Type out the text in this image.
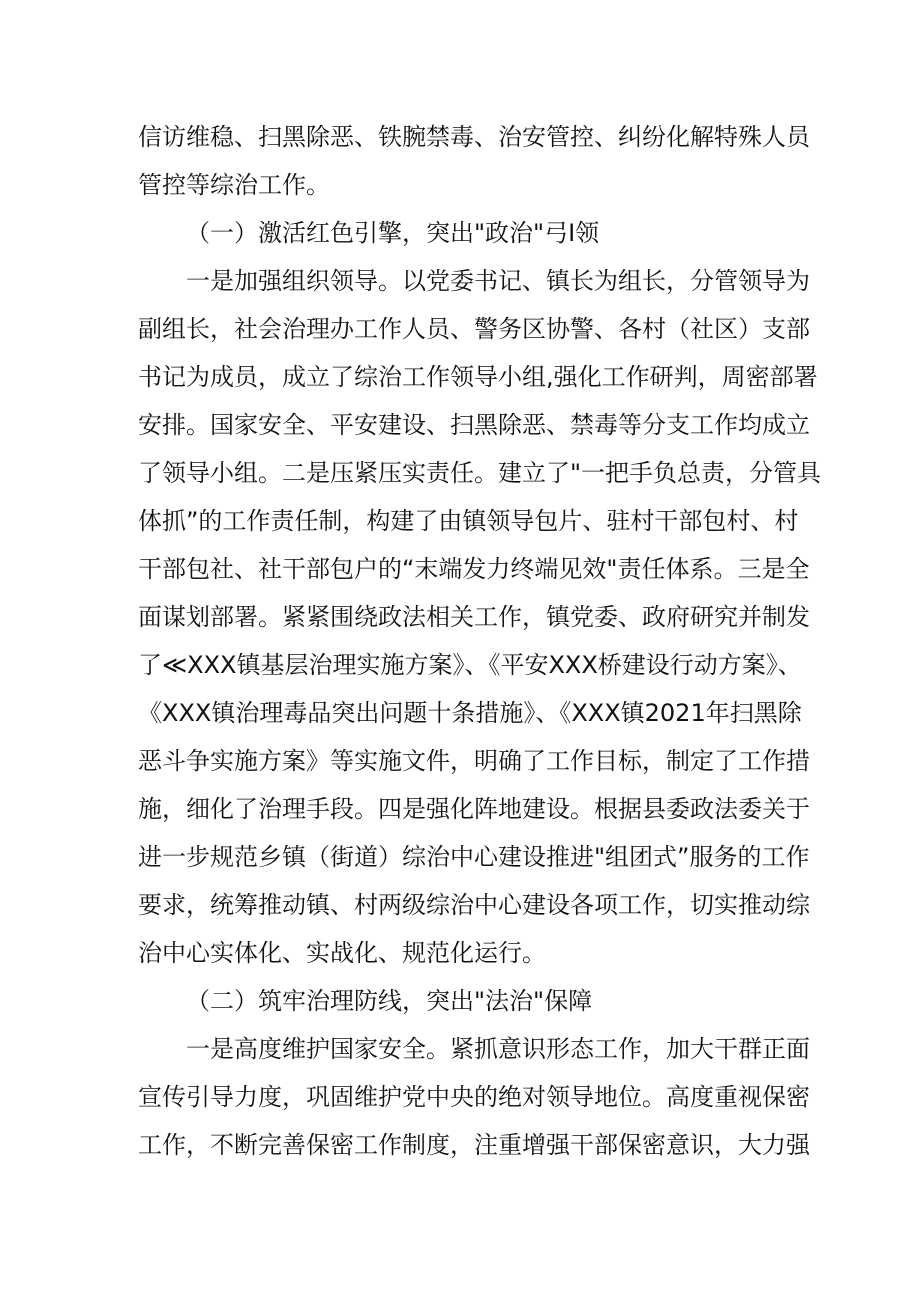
信访维稳、扫黑除恶、铁腕禁毒、治安管控、纠纷化解特殊人员
管控等综治工作。
（一）激活红色引擎，突出"政治"弓I领
一是加强组织领导。以党委书记、镇长为组长，分管领导为
副组长，社会治理办工作人员、警务区协警、各村（社区）支部
书记为成员，成立了综治工作领导小组,强化工作研判，周密部署
安排。国家安全、平安建设、扫黑除恶、禁毒等分支工作均成立
了领导小组。二是压紧压实责任。建立了"一把手负总责，分管具
体抓”的工作责任制，构建了由镇领导包片、驻村干部包村、村
干部包社、社干部包户的“末端发力终端见效"责任体系。三是全
面谋划部署。紧紧围绕政法相关工作，镇党委、政府研究并制发
了≪XXX镇基层治理实施方案》、《平安XXX桥建设行动方案》、
《XXX镇治理毒品突出问题十条措施》、《XXX镇2021年扫黑除
恶斗争实施方案》等实施文件，明确了工作目标，制定了工作措
施，细化了治理手段。四是强化阵地建设。根据县委政法委关于
进一步规范乡镇（街道）综治中心建设推进"组团式”服务的工作
要求，统筹推动镇、村两级综治中心建设各项工作，切实推动综
治中心实体化、实战化、规范化运行。
（二）筑牢治理防线，突出"法治"保障
一是高度维护国家安全。紧抓意识形态工作，加大干群正面
宣传引导力度，巩固维护党中央的绝对领导地位。高度重视保密
工作，不断完善保密工作制度，注重增强干部保密意识，大力强
